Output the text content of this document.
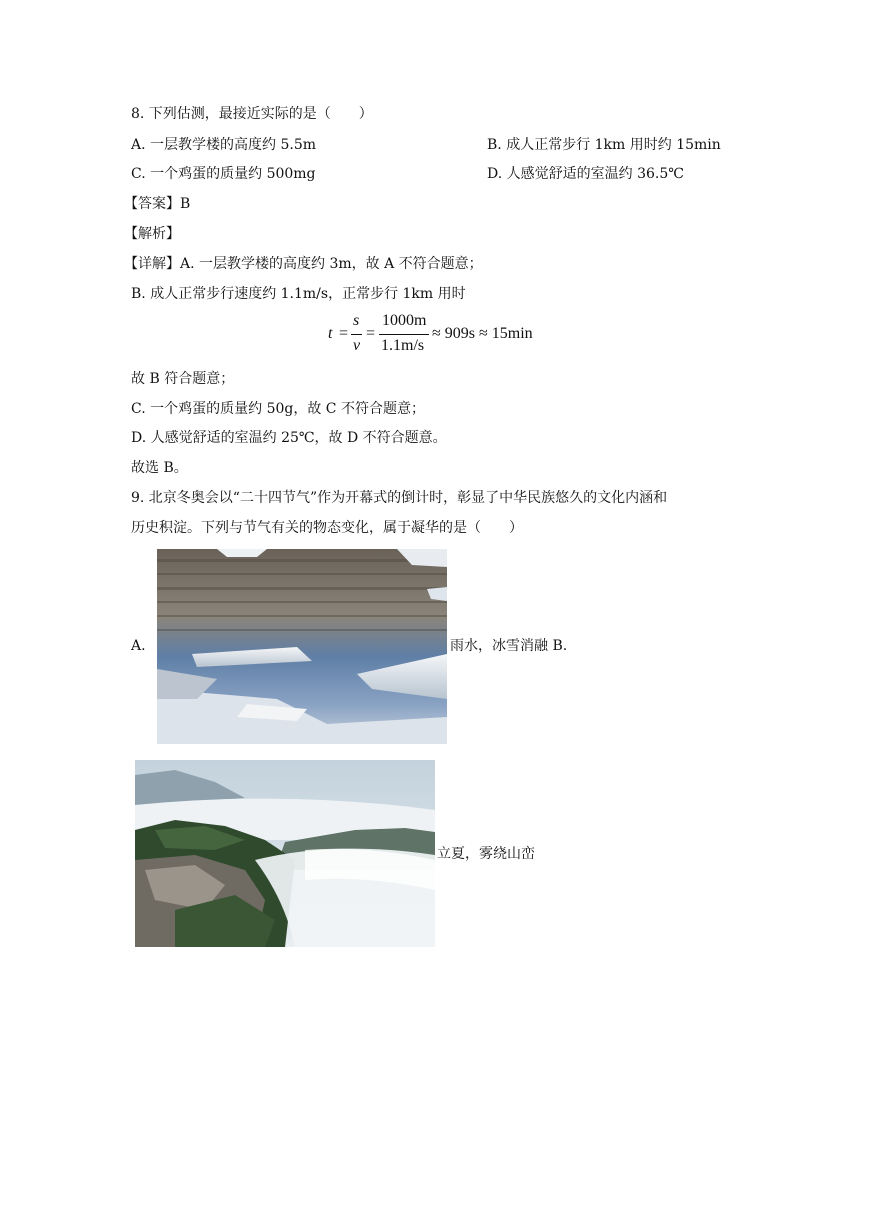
8. 下列估测，最接近实际的是（　　）
A. 一层教学楼的高度约 5.5m	B. 成人正常步行 1km 用时约 15min
C. 一个鸡蛋的质量约 500mg	D. 人感觉舒适的室温约 36.5℃
【答案】B
【解析】
【详解】A. 一层教学楼的高度约 3m，故 A 不符合题意；
B. 成人正常步行速度约 1.1m/s，正常步行 1km 用时
t =
s
v
=
1000m
1.1m/s
≈ 909s ≈ 15min
故 B 符合题意；
C. 一个鸡蛋的质量约 50g，故 C 不符合题意；
D. 人感觉舒适的室温约 25℃，故 D 不符合题意。
故选 B。
9. 北京冬奥会以“二十四节气”作为开幕式的倒计时，彰显了中华民族悠久的文化内涵和
历史积淀。下列与节气有关的物态变化，属于凝华的是（　　）
A.	雨水，冰雪消融 B.
立夏，雾绕山峦
